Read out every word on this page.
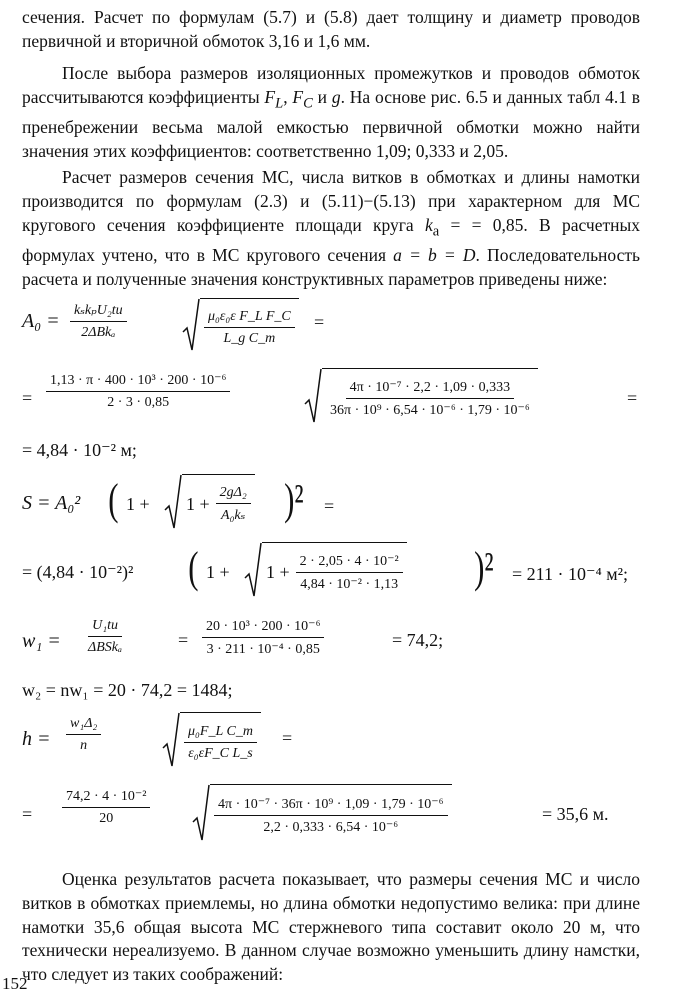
сечения. Расчет по формулам (5.7) и (5.8) дает толщину и диаметр проводов первичной и вторичной обмоток 3,16 и 1,6 мм.

После выбора размеров изоляционных промежутков и проводов обмоток рассчитываются коэффициенты $F_L$, $F_C$ и g. На основе рис. 6.5 и данных табл 4.1 в пренебрежении весьма малой емкостью первичной обмотки можно найти значения этих коэффициентов: соответственно 1,09; 0,333 и 2,05.

Расчет размеров сечения МС, числа витков в обмотках и длины намотки производится по формулам (2.3) и (5.11)−(5.13) при характерном для МС кругового сечения коэффициенте площади круга $k_a$ = = 0,85. В расчетных формулах учтено, что в МС кругового сечения a = b = D. Последовательность расчета и полученные значения конструктивных параметров приведены ниже:

$A_0 = \frac{\text{kₛkₚU₂tи}}{\text{2ΔBkₐ}}$	$\frac{\text{μ₀ε₀ε F\_L F\_C}}{\text{L\_g C\_т}}$ =
= $\frac{\text{1,13 · π · 400 · 10³ · 200 · 10⁻⁶}}{2 \cdot 3 \cdot 0,85}$	$\frac{\text{4π · 10⁻⁷ · 2,2 · 1,09 · 0,333}}{\text{36π · 10⁹ · 6,54 · 10⁻⁶ · 1,79 · 10⁻⁶}}$	=
= 4,84 · 10⁻² м;
S = A₀² ( $1 + 1 + \frac{\text{2gΔ₂}}{\text{A₀kₛ}} )^2$ =
= (4,84 · 10⁻²)² ( $1 + 1 + \frac{\text{2 · 2,05 · 4 · 10⁻²}}{\text{4,84 · 10⁻² · 1,13}} )^2 = 211 \cdot 10^{-4}$ м²;
$w_1 = \frac{\text{U₁tи}}{\text{ΔBSkₐ}}$	= $\frac{\text{20 · 10³ · 200 · 10⁻⁶}}{\text{3 · 211 · 10⁻⁴ · 0,85}}$	= 74,2;
w₂ = nw₁ = 20 · 74,2 = 1484;
$h = \frac{\text{w₁Δ₂}}{n}$	$\frac{\text{μ₀F\_L C\_т}}{\text{ε₀εF\_C L\_s}}$ =
= $\frac{\text{74,2 · 4 · 10⁻²}}{20}$	$\frac{\text{4π · 10⁻⁷ · 36π · 10⁹ · 1,09 · 1,79 · 10⁻⁶}}{\text{2,2 · 0,333 · 6,54 · 10⁻⁶}}$	= 35,6 м.

Оценка результатов расчета показывает, что размеры сечения МС и число витков в обмотках приемлемы, но длина обмотки недопустимо велика: при длине намотки 35,6 общая высота МС стержневого типа составит около 20 м, что технически нереализуемо. В данном случае возможно уменьшить длину намстки, что следует из таких соображений:

152
